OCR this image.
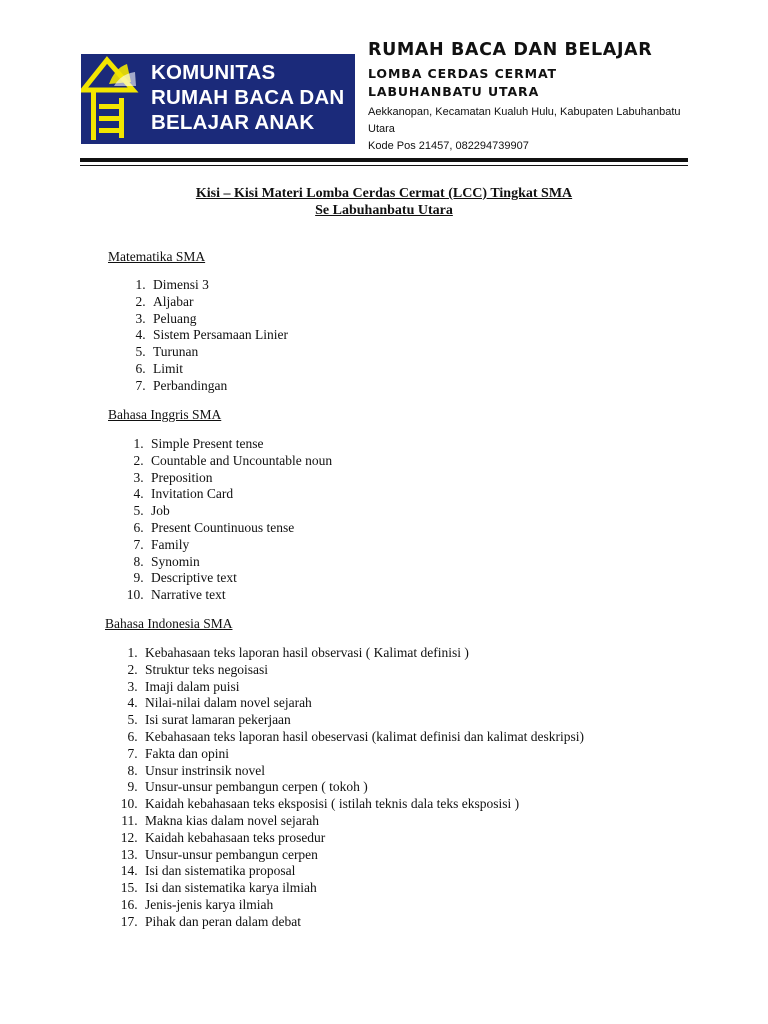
KOMUNITAS
RUMAH BACA DAN
BELAJAR ANAK
RUMAH BACA DAN BELAJAR
LOMBA CERDAS CERMAT
LABUHANBATU UTARA
Aekkanopan, Kecamatan Kualuh Hulu, Kabupaten Labuhanbatu Utara
Kode Pos 21457, 082294739907
Kisi – Kisi Materi Lomba Cerdas Cermat (LCC) Tingkat SMA
Se Labuhanbatu Utara
Matematika SMA
1. Dimensi 3
2. Aljabar
3. Peluang
4. Sistem Persamaan Linier
5. Turunan
6. Limit
7. Perbandingan
Bahasa Inggris SMA
1. Simple Present tense
2. Countable and Uncountable noun
3. Preposition
4. Invitation Card
5. Job
6. Present Countinuous tense
7. Family
8. Synomin
9. Descriptive text
10. Narrative text
Bahasa Indonesia SMA
1. Kebahasaan teks laporan hasil observasi ( Kalimat definisi )
2. Struktur teks negoisasi
3. Imaji dalam puisi
4. Nilai-nilai dalam novel sejarah
5. Isi surat lamaran pekerjaan
6. Kebahasaan teks laporan hasil obeservasi (kalimat definisi dan kalimat deskripsi)
7. Fakta dan opini
8. Unsur instrinsik novel
9. Unsur-unsur pembangun cerpen ( tokoh )
10. Kaidah kebahasaan teks eksposisi ( istilah teknis dala teks eksposisi )
11. Makna kias dalam novel sejarah
12. Kaidah kebahasaan teks prosedur
13. Unsur-unsur pembangun cerpen
14. Isi dan sistematika proposal
15. Isi dan sistematika karya ilmiah
16. Jenis-jenis karya ilmiah
17. Pihak dan peran dalam debat
